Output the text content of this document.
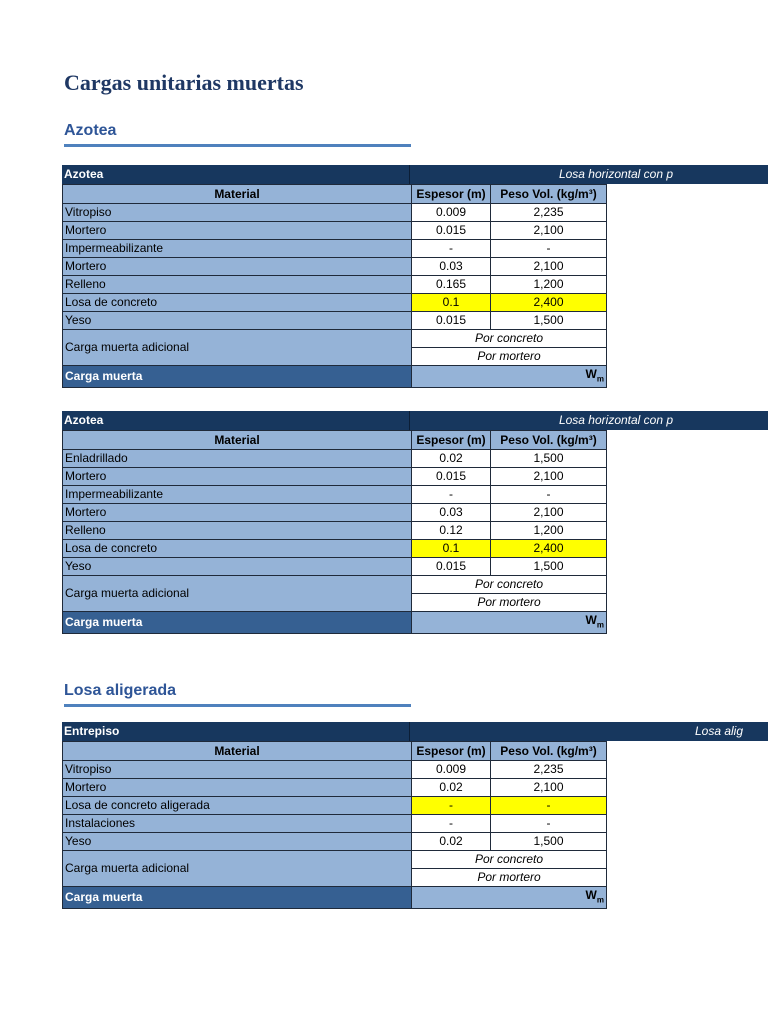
Cargas unitarias muertas
Azotea
Azotea	Losa horizontal con p
Material	Espesor (m)	Peso Vol. (kg/m³)
Vitropiso	0.009	2,235
Mortero	0.015	2,100
Impermeabilizante	-	-
Mortero	0.03	2,100
Relleno	0.165	1,200
Losa de concreto	0.1	2,400
Yeso	0.015	1,500
Carga muerta adicional	Por concreto	
	Por mortero	
Carga muerta	$W_m$
Azotea	Losa horizontal con p
Material	Espesor (m)	Peso Vol. (kg/m³)
Enladrillado	0.02	1,500
Mortero	0.015	2,100
Impermeabilizante	-	-
Mortero	0.03	2,100
Relleno	0.12	1,200
Losa de concreto	0.1	2,400
Yeso	0.015	1,500
Carga muerta adicional	Por concreto	
	Por mortero	
Carga muerta	$W_m$
Losa aligerada
Entrepiso	Losa alig
Material	Espesor (m)	Peso Vol. (kg/m³)
Vitropiso	0.009	2,235
Mortero	0.02	2,100
Losa de concreto aligerada	-	-
Instalaciones	-	-
Yeso	0.02	1,500
Carga muerta adicional	Por concreto	
	Por mortero	
Carga muerta	$W_m$
